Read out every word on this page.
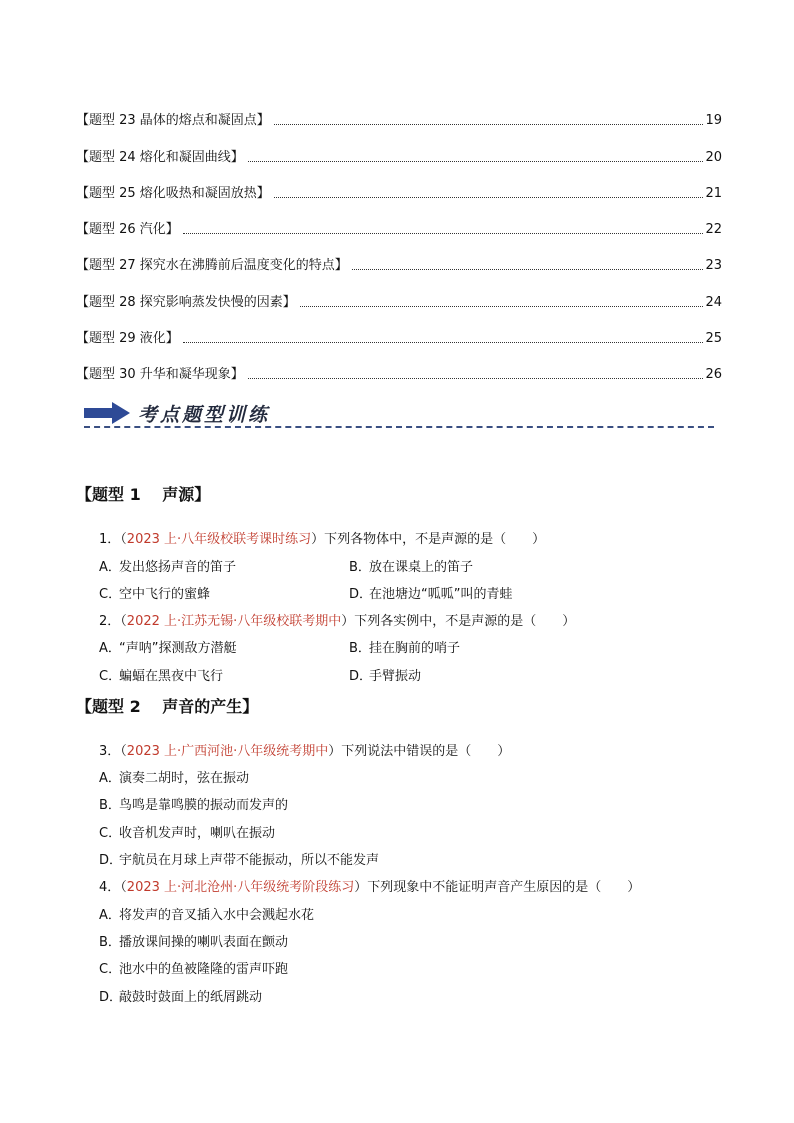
【题型 23 晶体的熔点和凝固点】	19
【题型 24 熔化和凝固曲线】	20
【题型 25 熔化吸热和凝固放热】	21
【题型 26 汽化】	22
【题型 27 探究水在沸腾前后温度变化的特点】	23
【题型 28 探究影响蒸发快慢的因素】	24
【题型 29 液化】	25
【题型 30 升华和凝华现象】	26
考点题型训练
【题型 1　 声源】
1．（2023 上·八年级校联考课时练习）下列各物体中，不是声源的是（　　）
A．发出悠扬声音的笛子	B．放在课桌上的笛子
C．空中飞行的蜜蜂	D．在池塘边“呱呱”叫的青蛙
2．（2022 上·江苏无锡·八年级校联考期中）下列各实例中，不是声源的是（　　）
A．“声呐”探测敌方潜艇	B．挂在胸前的哨子
C．蝙蝠在黑夜中飞行	D．手臂振动
【题型 2　 声音的产生】
3．（2023 上·广西河池·八年级统考期中）下列说法中错误的是（　　）
A．演奏二胡时，弦在振动
B．鸟鸣是靠鸣膜的振动而发声的
C．收音机发声时，喇叭在振动
D．宇航员在月球上声带不能振动，所以不能发声
4．（2023 上·河北沧州·八年级统考阶段练习）下列现象中不能证明声音产生原因的是（　　）
A．将发声的音叉插入水中会溅起水花
B．播放课间操的喇叭表面在颤动
C．池水中的鱼被隆隆的雷声吓跑
D．敲鼓时鼓面上的纸屑跳动
